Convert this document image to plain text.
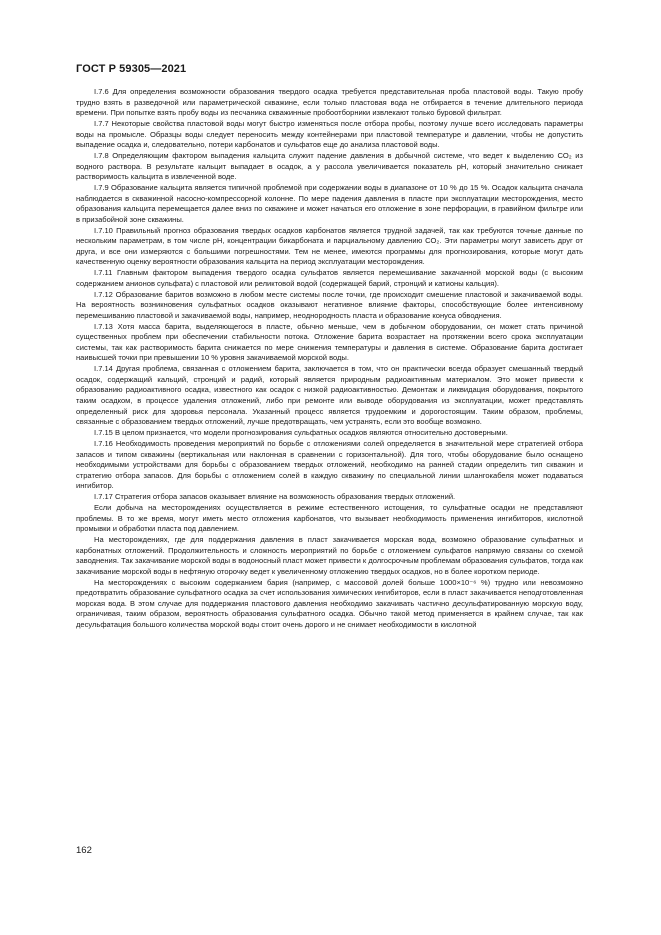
ГОСТ Р 59305—2021

I.7.6 Для определения возможности образования твердого осадка требуется представительная проба пластовой воды. Такую пробу трудно взять в разведочной или параметрической скважине, если только пластовая вода не отбирается в течение длительного периода времени. При попытке взять пробу воды из песчаника скважинные пробоотборники извлекают только буровой фильтрат.

I.7.7 Некоторые свойства пластовой воды могут быстро изменяться после отбора пробы, поэтому лучше всего исследовать параметры воды на промысле. Образцы воды следует переносить между контейнерами при пластовой температуре и давлении, чтобы не допустить выпадение осадка и, следовательно, потери карбонатов и сульфатов еще до анализа пластовой воды.

I.7.8 Определяющим фактором выпадения кальцита служит падение давления в добычной системе, что ведет к выделению CO₂ из водного раствора. В результате кальцит выпадает в осадок, а у рассола увеличивается показатель pH, который значительно снижает растворимость кальцита в извлеченной воде.

I.7.9 Образование кальцита является типичной проблемой при содержании воды в диапазоне от 10 % до 15 %. Осадок кальцита сначала наблюдается в скважинной насосно-компрессорной колонне. По мере падения давления в пласте при эксплуатации месторождения, место образования кальцита перемещается далее вниз по скважине и может начаться его отложение в зоне перфорации, в гравийном фильтре или в призабойной зоне скважины.

I.7.10 Правильный прогноз образования твердых осадков карбонатов является трудной задачей, так как требуются точные данные по нескольким параметрам, в том числе pH, концентрации бикарбоната и парциальному давлению CO₂. Эти параметры могут зависеть друг от друга, и все они измеряются с большими погрешностями. Тем не менее, имеются программы для прогнозирования, которые могут дать качественную оценку вероятности образования кальцита на период эксплуатации месторождения.

I.7.11 Главным фактором выпадения твердого осадка сульфатов является перемешивание закачанной морской воды (с высоким содержанием анионов сульфата) с пластовой или реликтовой водой (содержащей барий, стронций и катионы кальция).

I.7.12 Образование баритов возможно в любом месте системы после точки, где происходит смешение пластовой и закачиваемой воды. На вероятность возникновения сульфатных осадков оказывают негативное влияние факторы, способствующие более интенсивному перемешиванию пластовой и закачиваемой воды, например, неоднородность пласта и образование конуса обводнения.

I.7.13 Хотя масса барита, выделяющегося в пласте, обычно меньше, чем в добычном оборудовании, он может стать причиной существенных проблем при обеспечении стабильности потока. Отложение барита возрастает на протяжении всего срока эксплуатации системы, так как растворимость барита снижается по мере снижения температуры и давления в системе. Образование барита достигает наивысшей точки при превышении 10 % уровня закачиваемой морской воды.

I.7.14 Другая проблема, связанная с отложением барита, заключается в том, что он практически всегда образует смешанный твердый осадок, содержащий кальций, стронций и радий, который является природным радиоактивным материалом. Это может привести к образованию радиоактивного осадка, известного как осадок с низкой радиоактивностью. Демонтаж и ликвидация оборудования, покрытого таким осадком, в процессе удаления отложений, либо при ремонте или выводе оборудования из эксплуатации, может представлять определенный риск для здоровья персонала. Указанный процесс является трудоемким и дорогостоящим. Таким образом, проблемы, связанные с образованием твердых отложений, лучше предотвращать, чем устранять, если это вообще возможно.

I.7.15 В целом признается, что модели прогнозирования сульфатных осадков являются относительно достоверными.

I.7.16 Необходимость проведения мероприятий по борьбе с отложениями солей определяется в значительной мере стратегией отбора запасов и типом скважины (вертикальная или наклонная в сравнении с горизонтальной). Для того, чтобы оборудование было оснащено необходимыми устройствами для борьбы с образованием твердых отложений, необходимо на ранней стадии определить тип скважин и стратегию отбора запасов. Для борьбы с отложением солей в каждую скважину по специальной линии шлангокабеля может подаваться ингибитор.

I.7.17 Стратегия отбора запасов оказывает влияние на возможность образования твердых отложений.

Если добыча на месторождениях осуществляется в режиме естественного истощения, то сульфатные осадки не представляют проблемы. В то же время, могут иметь место отложения карбонатов, что вызывает необходимость применения ингибиторов, кислотной промывки и обработки пласта под давлением.

На месторождениях, где для поддержания давления в пласт закачивается морская вода, возможно образование сульфатных и карбонатных отложений. Продолжительность и сложность мероприятий по борьбе с отложением сульфатов напрямую связаны со схемой заводнения. Так закачивание морской воды в водоносный пласт может привести к долгосрочным проблемам образования сульфатов, тогда как закачивание морской воды в нефтяную оторочку ведет к увеличенному отложению твердых осадков, но в более коротком периоде.

На месторождениях с высоким содержанием бария (например, с массовой долей больше 1000×10⁻⁶ %) трудно или невозможно предотвратить образование сульфатного осадка за счет использования химических ингибиторов, если в пласт закачивается неподготовленная морская вода. В этом случае для поддержания пластового давления необходимо закачивать частично десульфатированную морскую воду, ограничивая, таким образом, вероятность образования сульфатного осадка. Обычно такой метод применяется в крайнем случае, так как десульфатация большого количества морской воды стоит очень дорого и не снимает необходимости в кислотной

162
